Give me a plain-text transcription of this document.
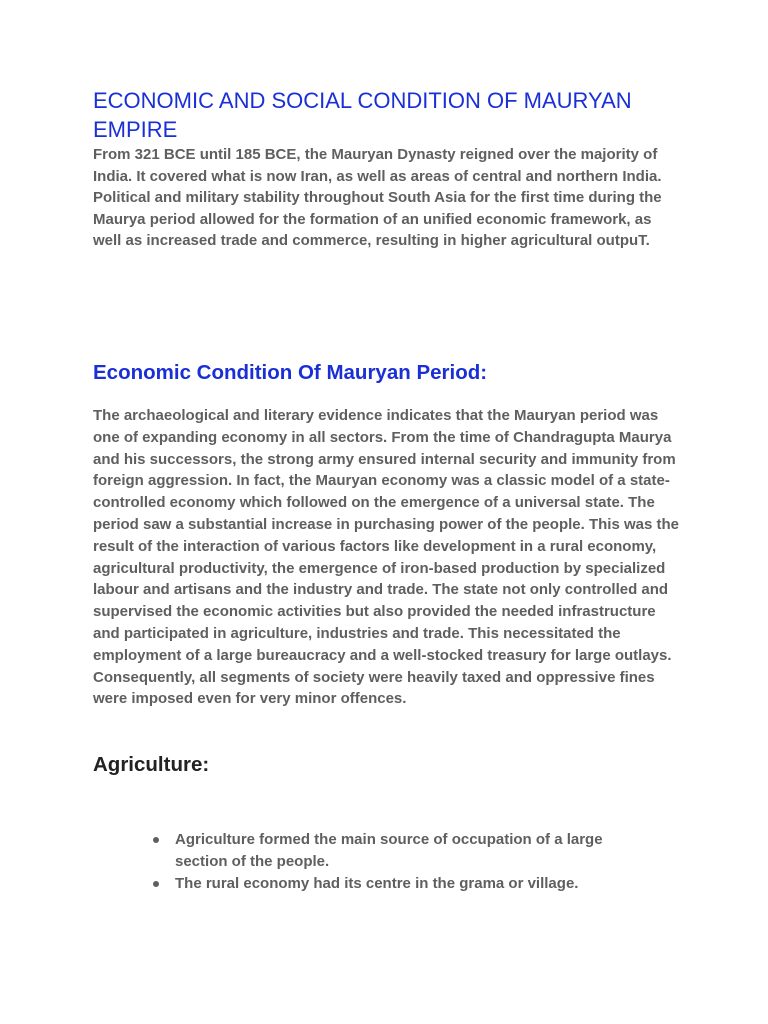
ECONOMIC AND SOCIAL CONDITION OF MAURYAN EMPIRE

From 321 BCE until 185 BCE, the Mauryan Dynasty reigned over the majority of India. It covered what is now Iran, as well as areas of central and northern India. Political and military stability throughout South Asia for the first time during the Maurya period allowed for the formation of an unified economic framework, as well as increased trade and commerce, resulting in higher agricultural outpuT.

Economic Condition Of Mauryan Period:

The archaeological and literary evidence indicates that the Mauryan period was one of expanding economy in all sectors. From the time of Chandragupta Maurya and his successors, the strong army ensured internal security and immunity from foreign aggression. In fact, the Mauryan economy was a classic model of a state-controlled economy which followed on the emergence of a universal state. The period saw a substantial increase in purchasing power of the people. This was the result of the interaction of various factors like development in a rural economy, agricultural productivity, the emergence of iron-based production by specialized labour and artisans and the industry and trade. The state not only controlled and supervised the economic activities but also provided the needed infrastructure and participated in agriculture, industries and trade. This necessitated the employment of a large bureaucracy and a well-stocked treasury for large outlays. Consequently, all segments of society were heavily taxed and oppressive fines were imposed even for very minor offences.

Agriculture:
Agriculture formed the main source of occupation of a large section of the people.
The rural economy had its centre in the grama or village.
